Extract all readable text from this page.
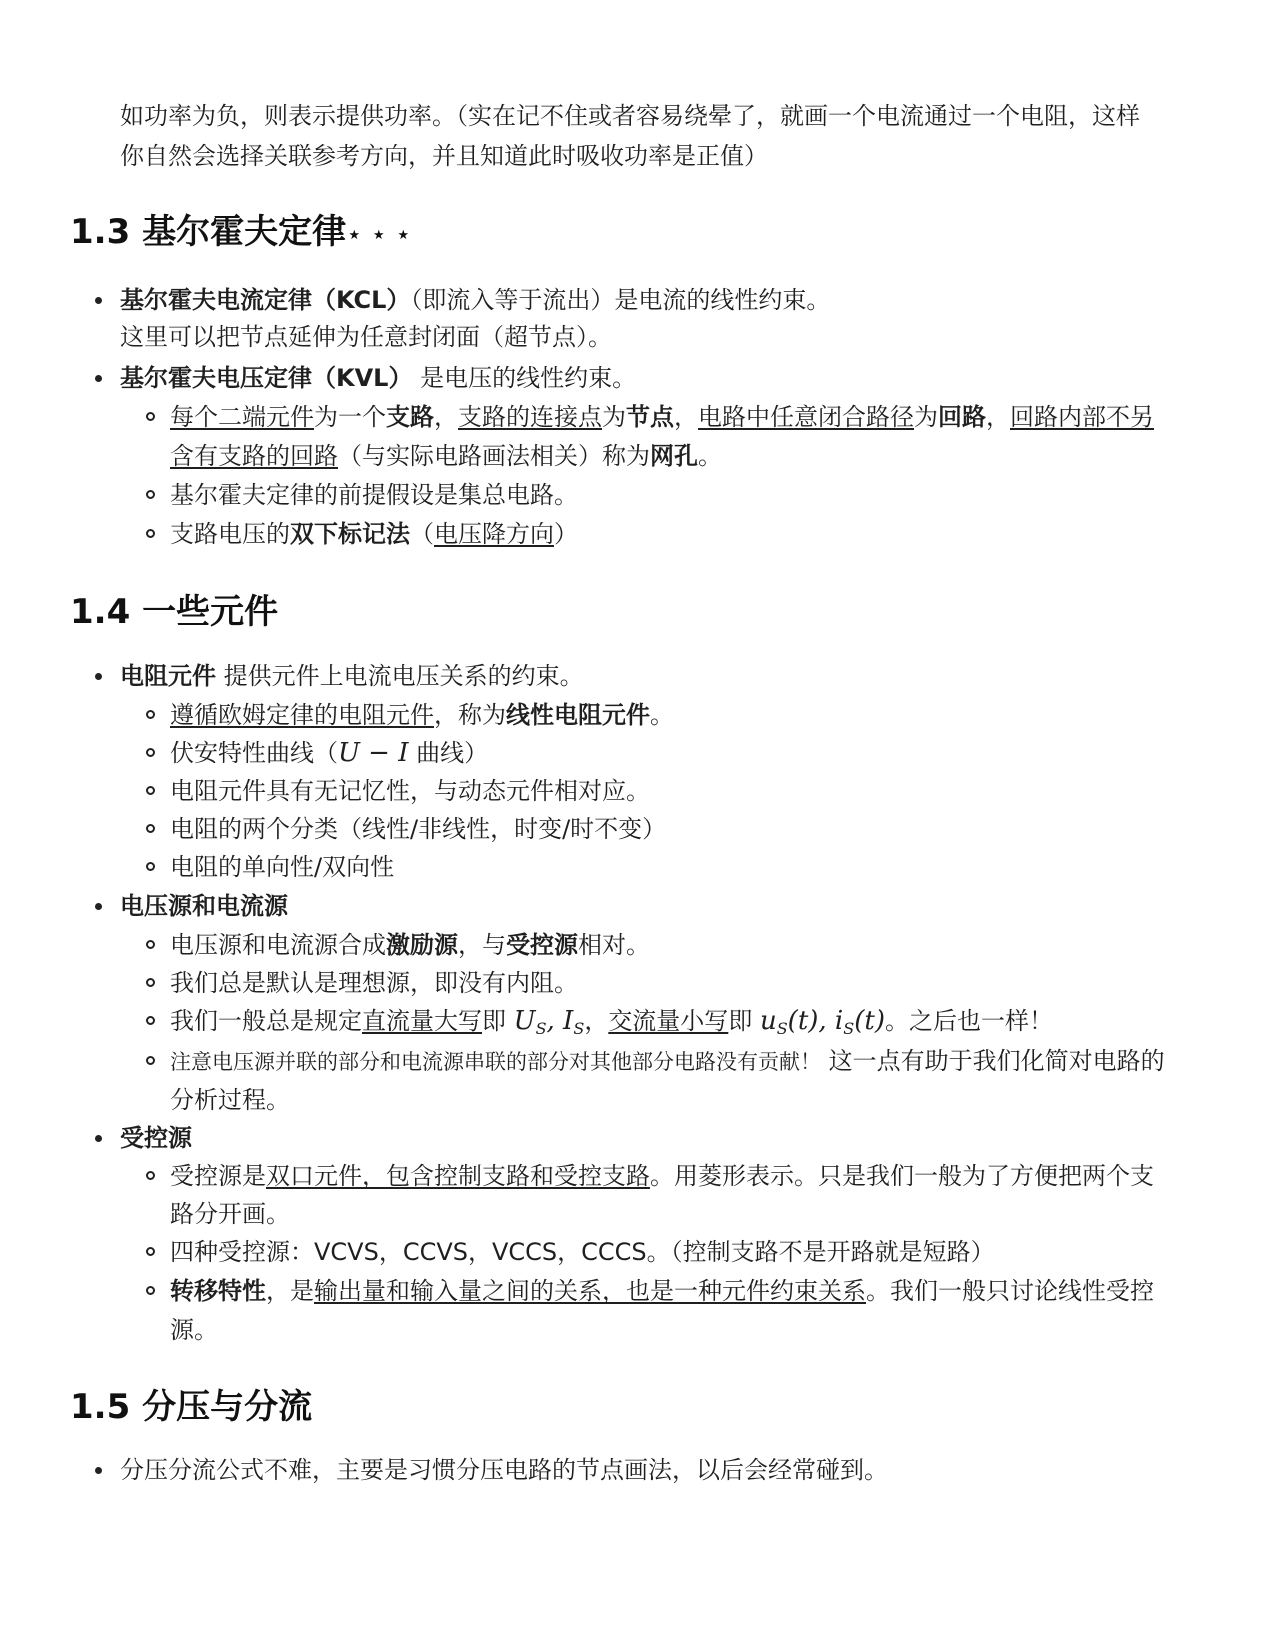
如功率为负，则表示提供功率。（实在记不住或者容易绕晕了，就画一个电流通过一个电阻，这样
你自然会选择关联参考方向，并且知道此时吸收功率是正值）

1.3 基尔霍夫定律⋆ ⋆ ⋆
基尔霍夫电流定律（KCL）（即流入等于流出）是电流的线性约束。
这里可以把节点延伸为任意封闭面（超节点）。
基尔霍夫电压定律（KVL） 是电压的线性约束。
每个二端元件为一个支路，支路的连接点为节点，电路中任意闭合路径为回路，回路内部不另
含有支路的回路（与实际电路画法相关）称为网孔。
基尔霍夫定律的前提假设是集总电路。
支路电压的双下标记法（电压降方向）
1.4 一些元件
电阻元件 提供元件上电流电压关系的约束。
遵循欧姆定律的电阻元件，称为线性电阻元件。
伏安特性曲线（U − I 曲线）
电阻元件具有无记忆性，与动态元件相对应。
电阻的两个分类（线性/非线性，时变/时不变）
电阻的单向性/双向性
电压源和电流源
电压源和电流源合成激励源，与受控源相对。
我们总是默认是理想源，即没有内阻。
我们一般总是规定直流量大写即 $U_S$, $I_S$，交流量小写即 $u_S(t)$, $i_S(t)$。之后也一样！
注意电压源并联的部分和电流源串联的部分对其他部分电路没有贡献！ 这一点有助于我们化简对电路的
分析过程。
受控源
受控源是双口元件，包含控制支路和受控支路。用菱形表示。只是我们一般为了方便把两个支
路分开画。
四种受控源：VCVS，CCVS，VCCS，CCCS。（控制支路不是开路就是短路）
转移特性，是输出量和输入量之间的关系，也是一种元件约束关系。我们一般只讨论线性受控
源。
1.5 分压与分流
分压分流公式不难，主要是习惯分压电路的节点画法，以后会经常碰到。
